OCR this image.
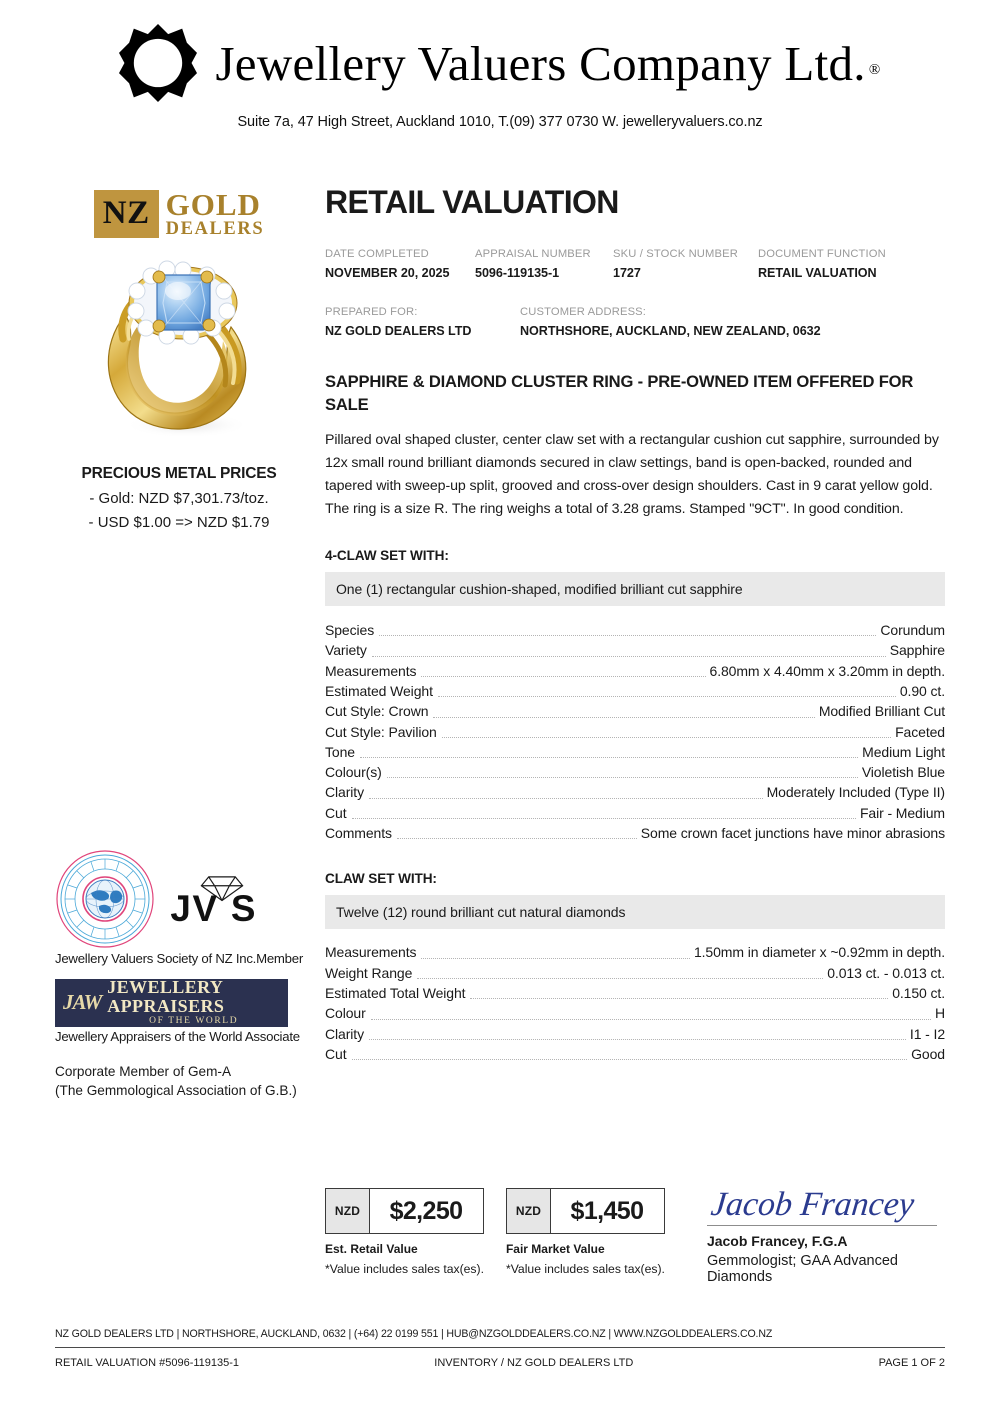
Jewellery Valuers Company Ltd. ®
Suite 7a, 47 High Street, Auckland 1010, T.(09) 377 0730 W. jewelleryvaluers.co.nz
NZ GOLD
DEALERS
PRECIOUS METAL PRICES
- Gold: NZD $7,301.73/toz.
- USD $1.00 => NZD $1.79
J V S
Jewellery Valuers Society of NZ Inc.Member
JAW
JEWELLERY APPRAISERS
OF THE WORLD
Jewellery Appraisers of the World Associate
Corporate Member of Gem-A
(The Gemmological Association of G.B.)
RETAIL VALUATION
DATE COMPLETED
NOVEMBER 20, 2025
APPRAISAL NUMBER
5096-119135-1
SKU / STOCK NUMBER
1727
DOCUMENT FUNCTION
RETAIL VALUATION
PREPARED FOR:
NZ GOLD DEALERS LTD
CUSTOMER ADDRESS:
NORTHSHORE, AUCKLAND, NEW ZEALAND, 0632
SAPPHIRE & DIAMOND CLUSTER RING - PRE-OWNED ITEM OFFERED FOR SALE
Pillared oval shaped cluster, center claw set with a rectangular cushion cut sapphire, surrounded by 12x small round brilliant diamonds secured in claw settings, band is open-backed, rounded and tapered with sweep-up split, grooved and cross-over design shoulders. Cast in 9 carat yellow gold. The ring is a size R. The ring weighs a total of 3.28 grams. Stamped "9CT". In good condition.
4-CLAW SET WITH:
One (1) rectangular cushion-shaped, modified brilliant cut sapphire
Species	Corundum
Variety	Sapphire
Measurements	6.80mm x 4.40mm x 3.20mm in depth.
Estimated Weight	0.90 ct.
Cut Style: Crown	Modified Brilliant Cut
Cut Style: Pavilion	Faceted
Tone	Medium Light
Colour(s)	Violetish Blue
Clarity	Moderately Included (Type II)
Cut	Fair - Medium
Comments	Some crown facet junctions have minor abrasions
CLAW SET WITH:
Twelve (12) round brilliant cut natural diamonds
Measurements	1.50mm in diameter x ~0.92mm in depth.
Weight Range	0.013 ct. - 0.013 ct.
Estimated Total Weight	0.150 ct.
Colour	H
Clarity	I1 - I2
Cut	Good
NZD	$2,250
Est. Retail Value
*Value includes sales tax(es).
NZD	$1,450
Fair Market Value
*Value includes sales tax(es).
Jacob Francey
Jacob Francey, F.G.A
Gemmologist; GAA Advanced Diamonds
NZ GOLD DEALERS LTD | NORTHSHORE, AUCKLAND, 0632 | (+64) 22 0199 551 | HUB@NZGOLDDEALERS.CO.NZ | WWW.NZGOLDDEALERS.CO.NZ
RETAIL VALUATION #5096-119135-1	INVENTORY / NZ GOLD DEALERS LTD	PAGE 1 OF 2
